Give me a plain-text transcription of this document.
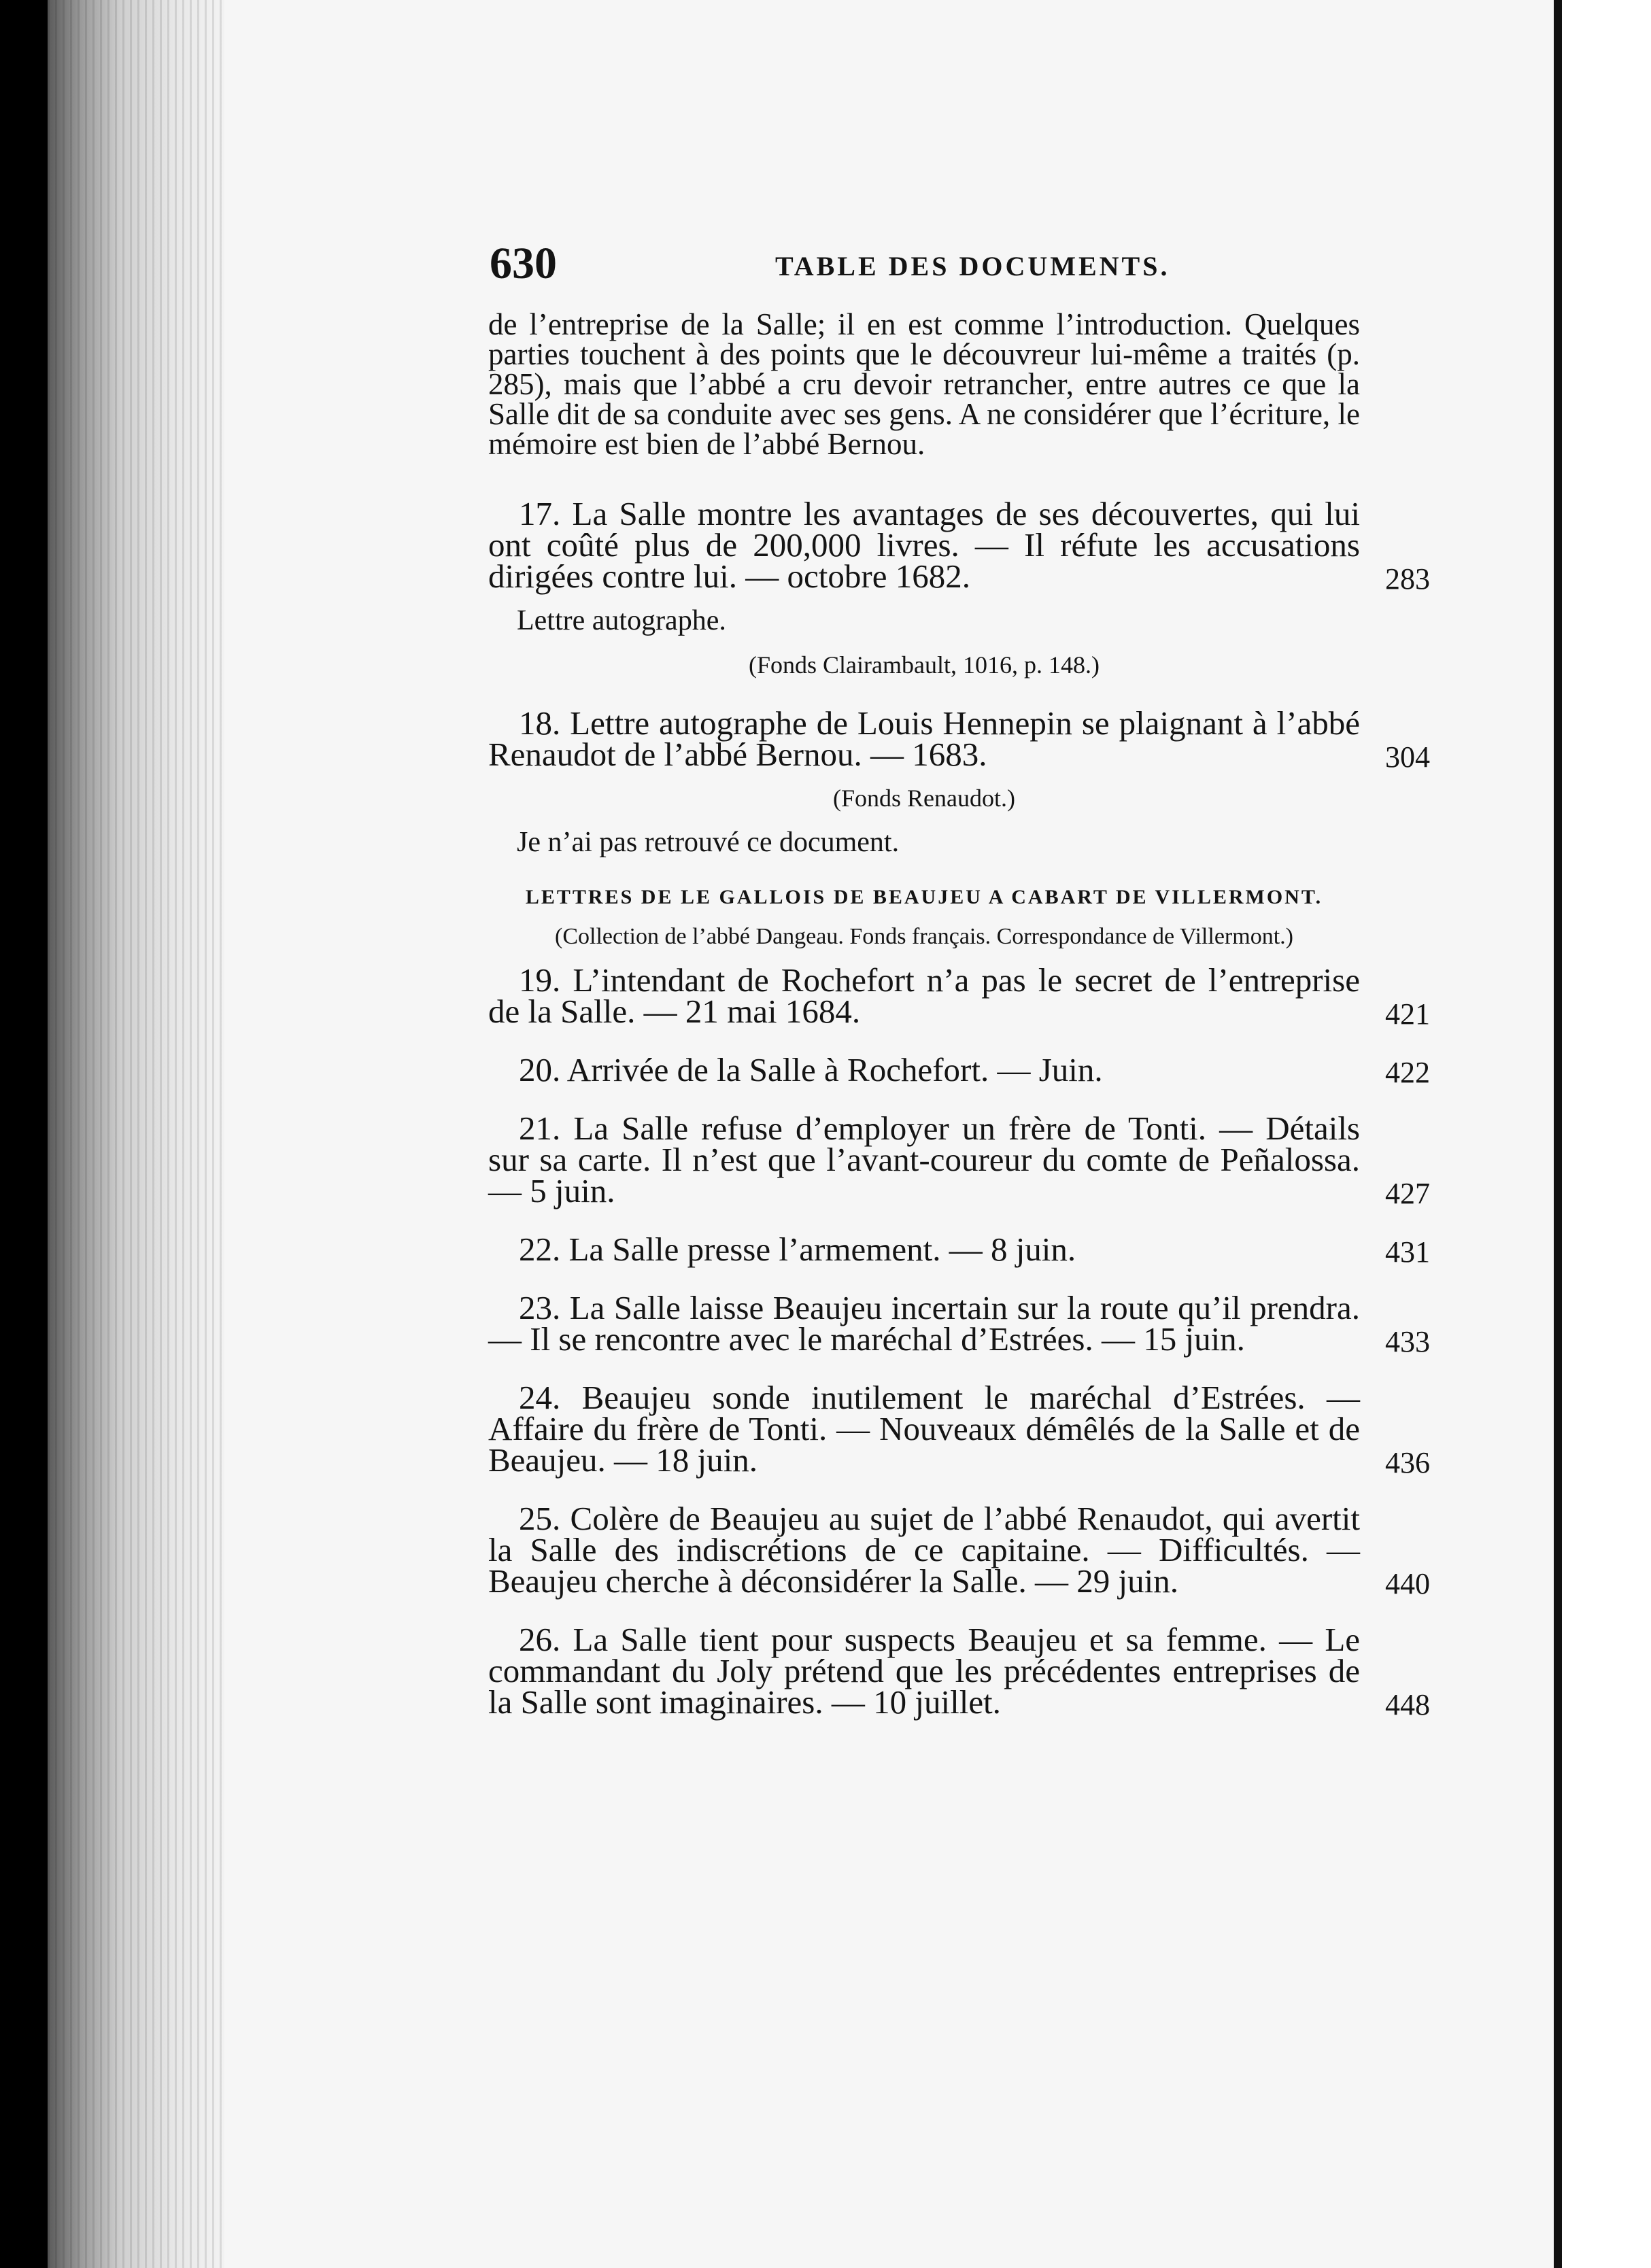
630	TABLE DES DOCUMENTS.

de l’entreprise de la Salle; il en est comme l’introduction. Quelques parties touchent à des points que le découvreur lui-même a traités (p. 285), mais que l’abbé a cru devoir retrancher, entre autres ce que la Salle dit de sa conduite avec ses gens. A ne considérer que l’écriture, le mémoire est bien de l’abbé Bernou.

17. La Salle montre les avantages de ses découvertes, qui lui ont coûté plus de 200,000 livres. — Il réfute les accusations dirigées contre lui. — octobre 1682.	283

Lettre autographe.

(Fonds Clairambault, 1016, p. 148.)

18. Lettre autographe de Louis Hennepin se plaignant à l’abbé Renaudot de l’abbé Bernou. — 1683.	304

(Fonds Renaudot.)

Je n’ai pas retrouvé ce document.

LETTRES DE LE GALLOIS DE BEAUJEU A CABART DE VILLERMONT.

(Collection de l’abbé Dangeau. Fonds français. Correspondance de Villermont.)

19. L’intendant de Rochefort n’a pas le secret de l’entreprise de la Salle. — 21 mai 1684.	421

20. Arrivée de la Salle à Rochefort. — Juin.	422

21. La Salle refuse d’employer un frère de Tonti. — Détails sur sa carte. Il n’est que l’avant-coureur du comte de Peñalossa. — 5 juin.	427

22. La Salle presse l’armement. — 8 juin.	431

23. La Salle laisse Beaujeu incertain sur la route qu’il prendra. — Il se rencontre avec le maréchal d’Estrées. — 15 juin.	433

24. Beaujeu sonde inutilement le maréchal d’Estrées. — Affaire du frère de Tonti. — Nouveaux démêlés de la Salle et de Beaujeu. — 18 juin.	436

25. Colère de Beaujeu au sujet de l’abbé Renaudot, qui avertit la Salle des indiscrétions de ce capitaine. — Difficultés. — Beaujeu cherche à déconsidérer la Salle. — 29 juin.	440

26. La Salle tient pour suspects Beaujeu et sa femme. — Le commandant du Joly prétend que les précédentes entreprises de la Salle sont imaginaires. — 10 juillet.	448
